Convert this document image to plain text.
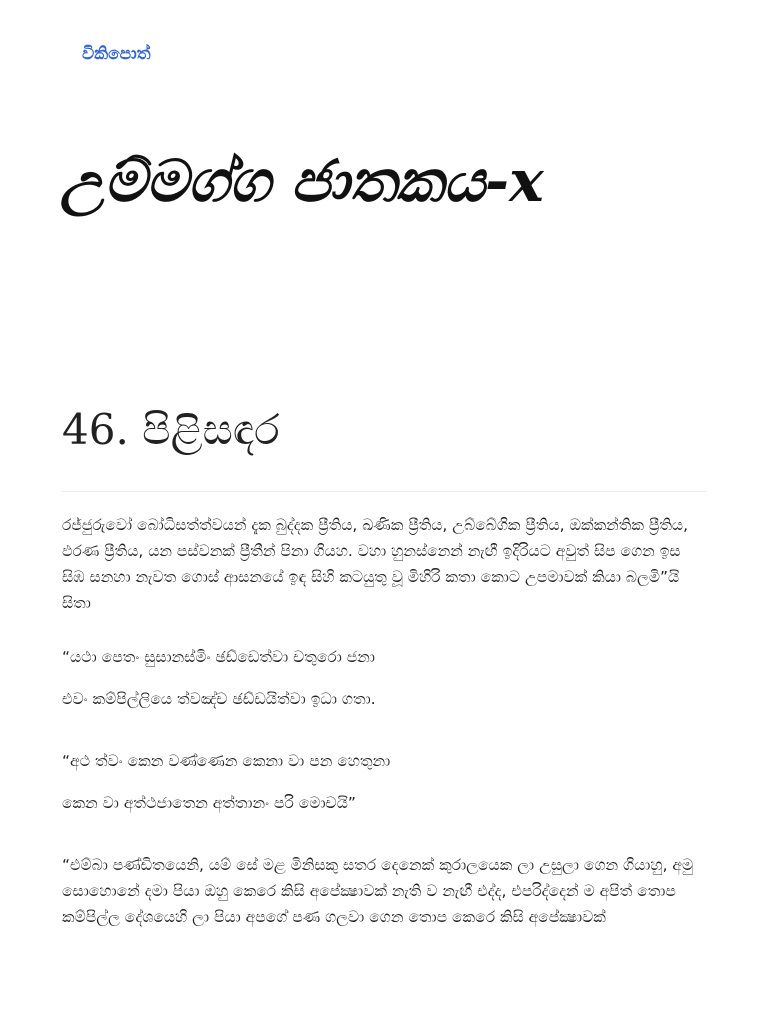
විකිපොත්
උම්මග්ග ජාතකය-x
46. පිළිසඳර

රජ්ජුරුවෝ බෝධිසත්ත්වයන් දැක බුද්දක ප්‍රීතිය, ඛණික ප්‍රීතිය, උබ්බේගික ප්‍රීතිය, ඔක්කන්තික ප්‍රීතිය, ඵරණ ප්‍රීතිය, යන පස්වනක් ප්‍රීතීන් පිනා ගියහ. වහා හුනස්නෙන් නැඟී ඉදිරියට අවුත් සිප ගෙන ඉස සිඹ සනහා නැවත ගොස් ආසනයේ ඉඳ සිහි කටයුතු වූ මිහිරි කතා කොට උපමාවක් කියා බලමි”යි සිතා

“යථා පෙතං සුසානස්මිං ඡඩ්ඩෙත්වා චතුරො ජනා

එවං කම්පිල්ලියෙ ත්වඤ්ච ඡඩ්ඩයිත්වා ඉධා ගතා.

“අථ ත්වං කෙන වණ්ණෙන කෙනා වා පන හෙතුනා

කෙන වා අත්ථජාතෙන අත්තානං පරි මොචයි”

“එම්බා පණ්ඩිතයෙනි, යම් සේ මළ මිනිසකු සතර දෙනෙක් කුරාලයෙක ලා උසුලා ගෙන ගියාහු, අමු සොහොනේ දමා පියා ඔහු කෙරෙ කිසි අපේක්‍ෂාවක් නැති ව නැඟී එද්ද, එපරිද්දෙන් ම අපිත් තොප කම්පිල්ල දේශයෙහි ලා පියා අපගේ පණ ගලවා ගෙන තොප කෙරෙ කිසි අපේක්‍ෂාවක්
